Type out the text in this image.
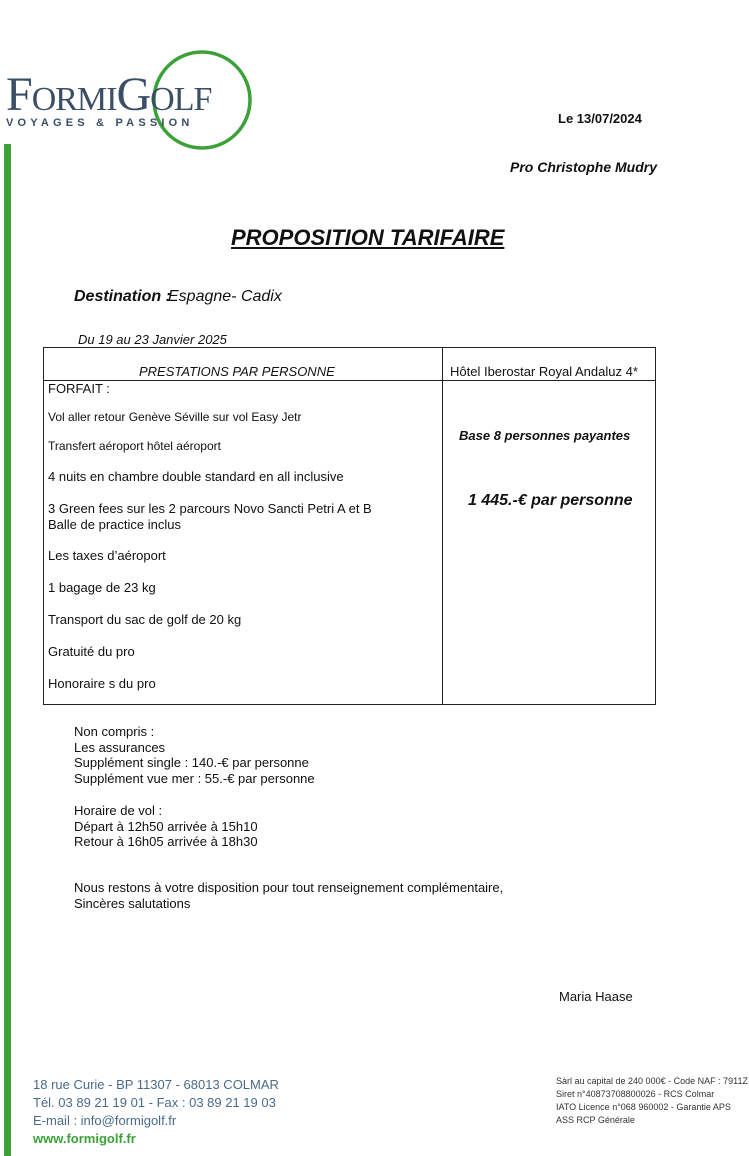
FORMIGOLF
VOYAGES & PASSION	Le 13/07/2024
Pro Christophe Mudry
PROPOSITION TARIFAIRE
Destination :
Espagne- Cadix
Du 19 au 23 Janvier 2025
PRESTATIONS PAR PERSONNE	Hôtel Iberostar Royal Andaluz 4*
FORFAIT :
Vol aller retour Genève Séville sur vol Easy Jetr
Transfert aéroport hôtel aéroport
4 nuits en chambre double standard en all inclusive
3 Green fees sur les 2 parcours Novo Sancti Petri A et B
Balle de practice inclus
Les taxes d’aéroport
1 bagage de 23 kg
Transport du sac de golf de 20 kg
Gratuité du pro
Honoraire s du pro
Base 8 personnes payantes
1 445.-€ par personne
Non compris :
Les assurances
Supplément single : 140.-€ par personne
Supplément vue mer : 55.-€ par personne
Horaire de vol :
Départ à 12h50 arrivée à 15h10
Retour à 16h05 arrivée à 18h30
Nous restons à votre disposition pour tout renseignement complémentaire,
Sincères salutations
Maria Haase
18 rue Curie - BP 11307 - 68013 COLMAR
Tél. 03 89 21 19 01 - Fax : 03 89 21 19 03
E-mail : info@formigolf.fr
www.formigolf.fr
Sàrl au capital de 240 000€ - Code NAF : 7911Z
Siret n°40873708800026 - RCS Colmar
IATO Licence n°068 960002 - Garantie APS
ASS RCP Générale
